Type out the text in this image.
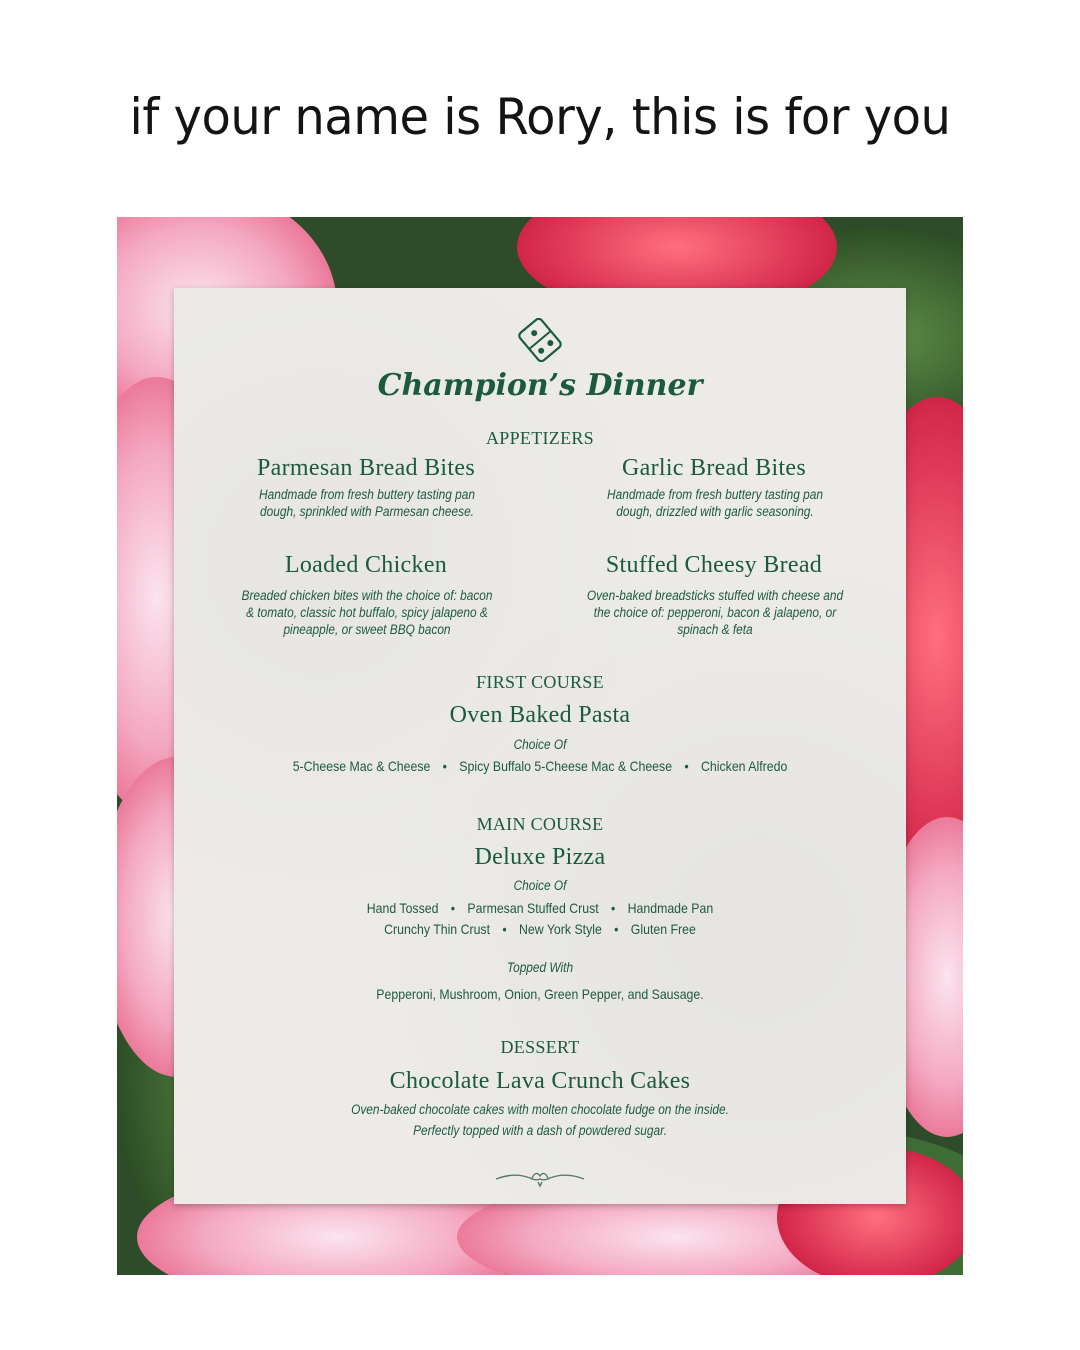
if your name is Rory, this is for you
Champion’s Dinner
APPETIZERS
Parmesan Bread Bites
Handmade from fresh buttery tasting pan dough, sprinkled with Parmesan cheese.
Garlic Bread Bites
Handmade from fresh buttery tasting pan dough, drizzled with garlic seasoning.
Loaded Chicken
Breaded chicken bites with the choice of: bacon & tomato, classic hot buffalo, spicy jalapeno & pineapple, or sweet BBQ bacon
Stuffed Cheesy Bread
Oven-baked breadsticks stuffed with cheese and the choice of: pepperoni, bacon & jalapeno, or spinach & feta
FIRST COURSE
Oven Baked Pasta
Choice Of
5-Cheese Mac & Cheese • Spicy Buffalo 5-Cheese Mac & Cheese • Chicken Alfredo
MAIN COURSE
Deluxe Pizza
Choice Of
Hand Tossed • Parmesan Stuffed Crust • Handmade Pan
Crunchy Thin Crust • New York Style • Gluten Free
Topped With
Pepperoni, Mushroom, Onion, Green Pepper, and Sausage.
DESSERT
Chocolate Lava Crunch Cakes
Oven-baked chocolate cakes with molten chocolate fudge on the inside.
Perfectly topped with a dash of powdered sugar.
